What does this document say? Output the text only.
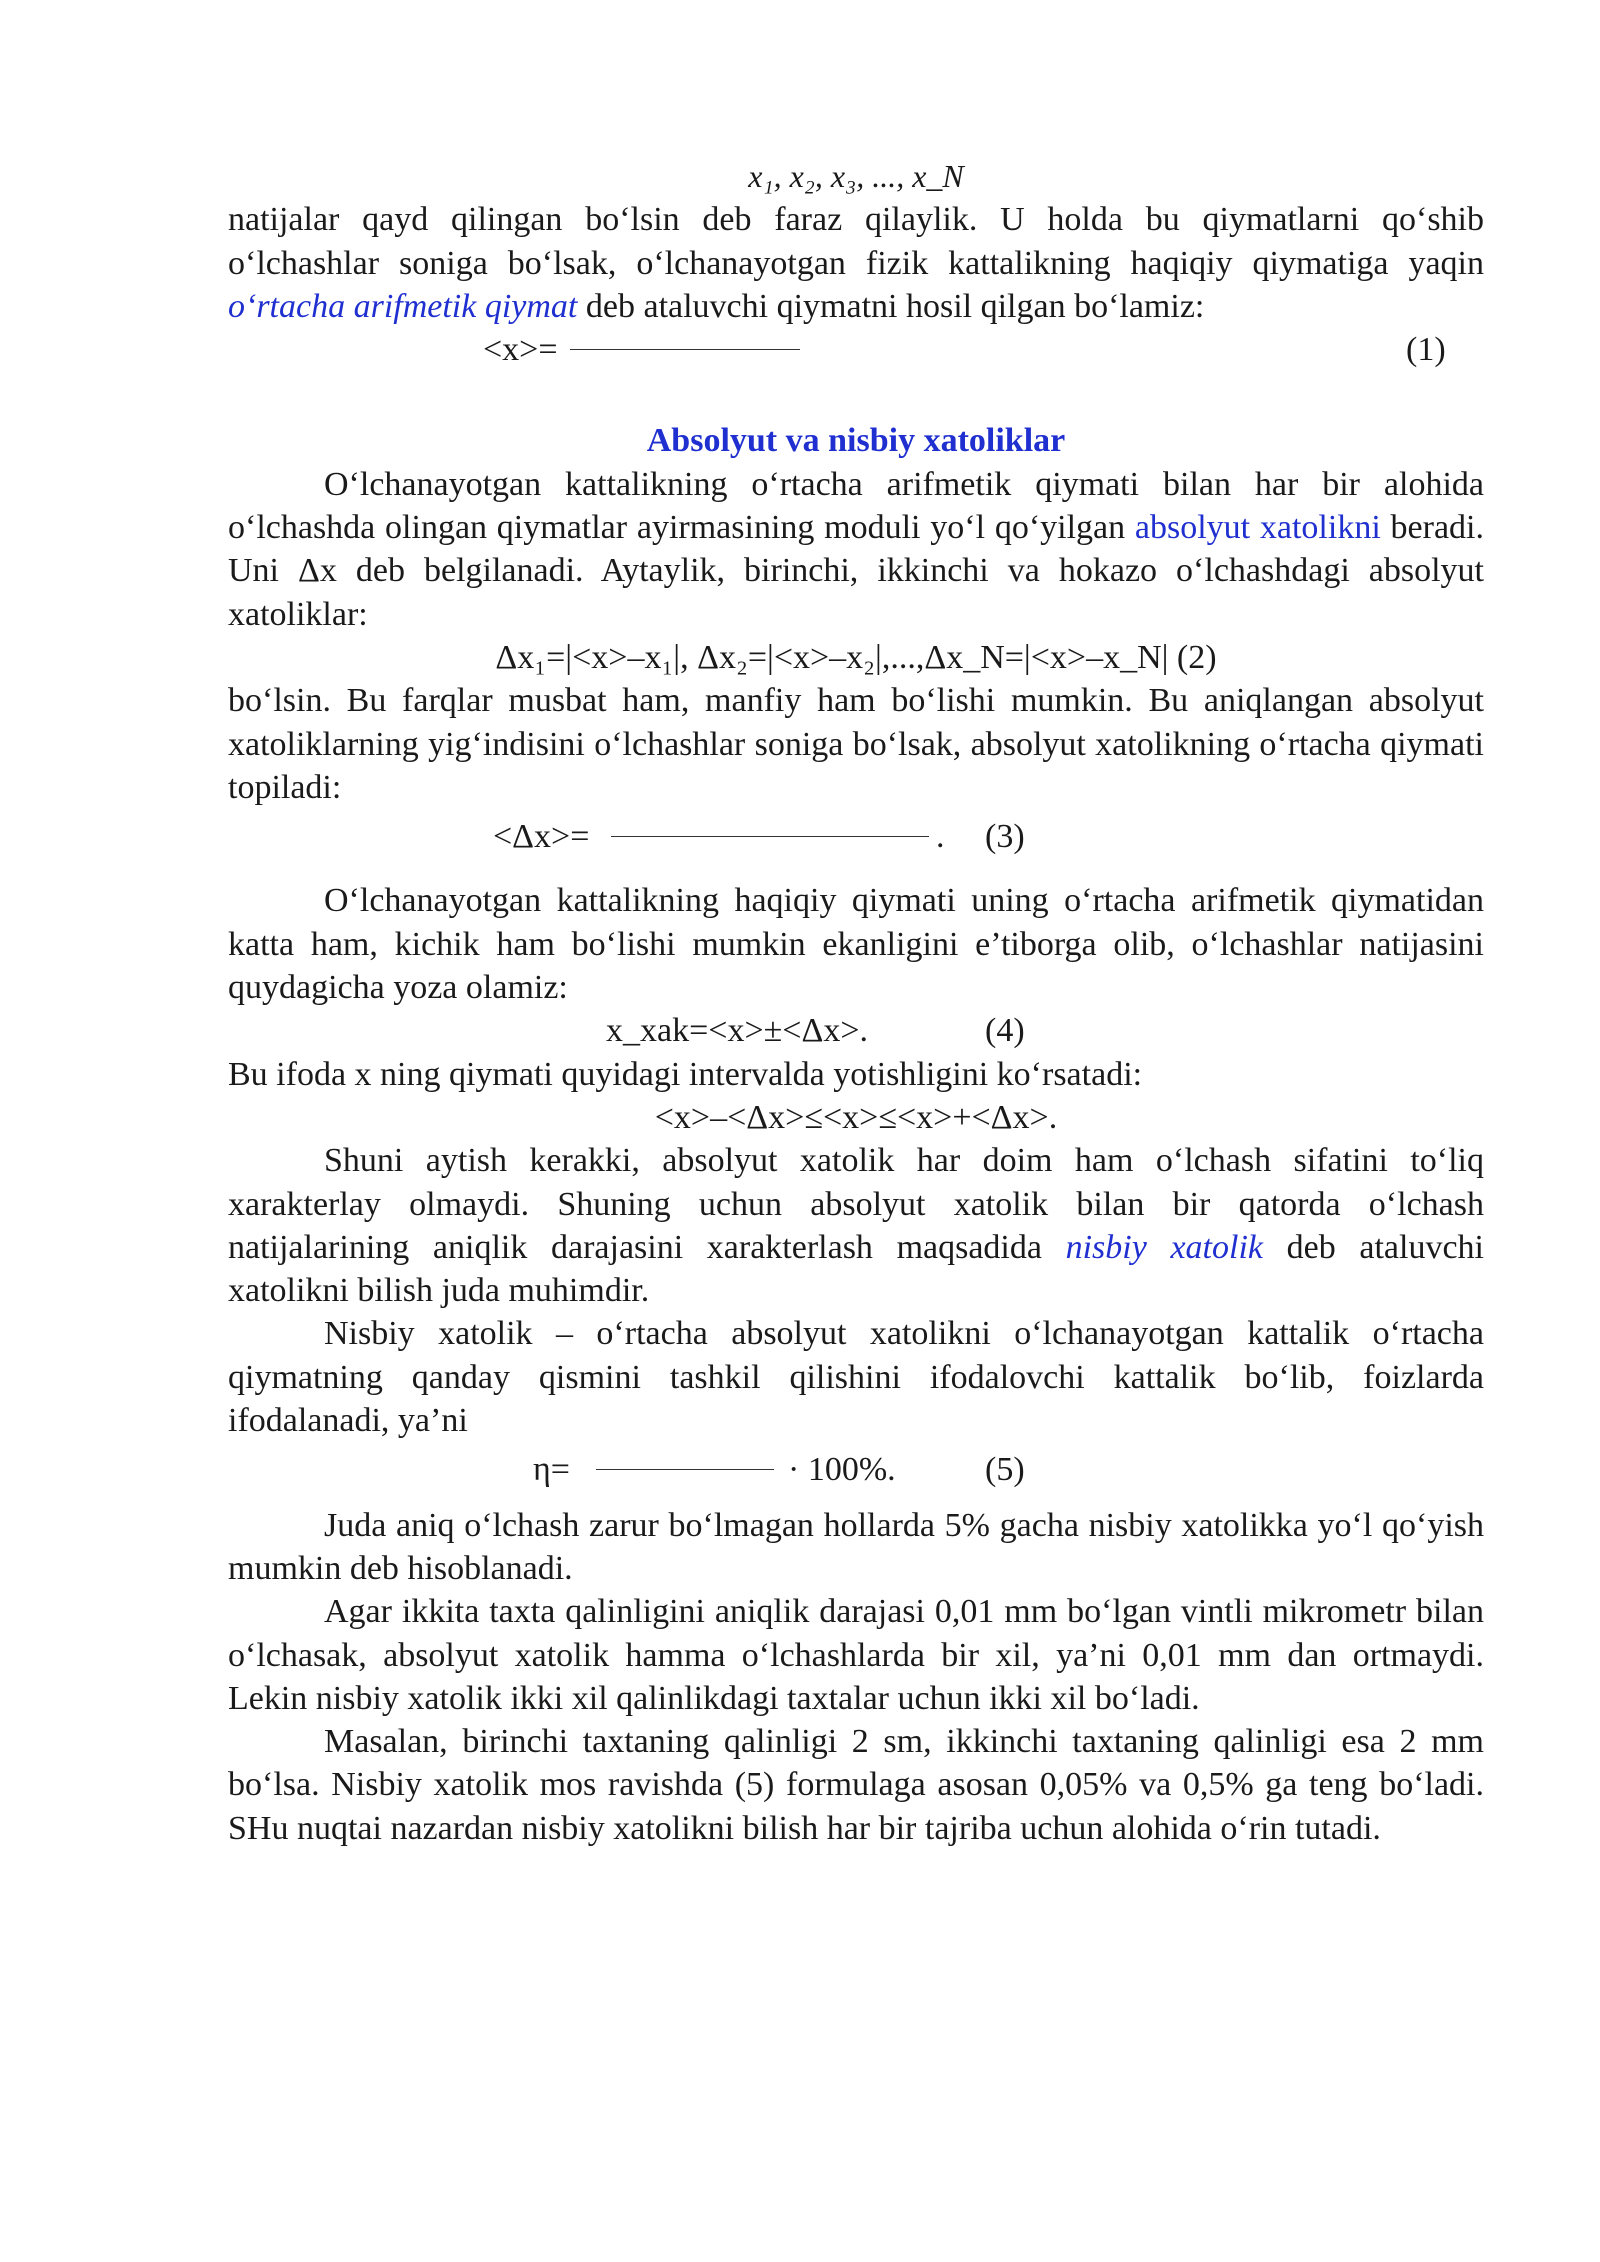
x₁, x₂, x₃, ..., x_N

natijalar qayd qilingan bo‘lsin deb faraz qilaylik. U holda bu qiymatlarni qo‘shib o‘lchashlar soniga bo‘lsak, o‘lchanayotgan fizik kattalikning haqiqiy qiymatiga yaqin o‘rtacha arifmetik qiymat deb ataluvchi qiymatni hosil qilgan bo‘lamiz:

<x>=	(1)

Absolyut va nisbiy xatoliklar

O‘lchanayotgan kattalikning o‘rtacha arifmetik qiymati bilan har bir alohida o‘lchashda olingan qiymatlar ayirmasining moduli yo‘l qo‘yilgan absolyut xatolikni beradi. Uni Δx deb belgilanadi. Aytaylik, birinchi, ikkinchi va hokazo o‘lchashdagi absolyut xatoliklar:

Δx₁=|<x>–x₁|, Δx₂=|<x>–x₂|,...,Δx_N=|<x>–x_N| (2)

bo‘lsin. Bu farqlar musbat ham, manfiy ham bo‘lishi mumkin. Bu aniqlangan absolyut xatoliklarning yig‘indisini o‘lchashlar soniga bo‘lsak, absolyut xatolikning o‘rtacha qiymati topiladi:

<Δx>=	. (3)

O‘lchanayotgan kattalikning haqiqiy qiymati uning o‘rtacha arifmetik qiymatidan katta ham, kichik ham bo‘lishi mumkin ekanligini e’tiborga olib, o‘lchashlar natijasini quydagicha yoza olamiz:

x_xak=<x>±<Δx>.	(4)

Bu ifoda x ning qiymati quyidagi intervalda yotishligini ko‘rsatadi:

<x>–<Δx>≤<x>≤<x>+<Δx>.

Shuni aytish kerakki, absolyut xatolik har doim ham o‘lchash sifatini to‘liq xarakterlay olmaydi. Shuning uchun absolyut xatolik bilan bir qatorda o‘lchash natijalarining aniqlik darajasini xarakterlash maqsadida nisbiy xatolik deb ataluvchi xatolikni bilish juda muhimdir.

Nisbiy xatolik – o‘rtacha absolyut xatolikni o‘lchanayotgan kattalik o‘rtacha qiymatning qanday qismini tashkil qilishini ifodalovchi kattalik bo‘lib, foizlarda ifodalanadi, ya’ni

η=	· 100%.	(5)

Juda aniq o‘lchash zarur bo‘lmagan hollarda 5% gacha nisbiy xatolikka yo‘l qo‘yish mumkin deb hisoblanadi.

Agar ikkita taxta qalinligini aniqlik darajasi 0,01 mm bo‘lgan vintli mikrometr bilan o‘lchasak, absolyut xatolik hamma o‘lchashlarda bir xil, ya’ni 0,01 mm dan ortmaydi. Lekin nisbiy xatolik ikki xil qalinlikdagi taxtalar uchun ikki xil bo‘ladi.

Masalan, birinchi taxtaning qalinligi 2 sm, ikkinchi taxtaning qalinligi esa 2 mm bo‘lsa. Nisbiy xatolik mos ravishda (5) formulaga asosan 0,05% va 0,5% ga teng bo‘ladi. SHu nuqtai nazardan nisbiy xatolikni bilish har bir tajriba uchun alohida o‘rin tutadi.
